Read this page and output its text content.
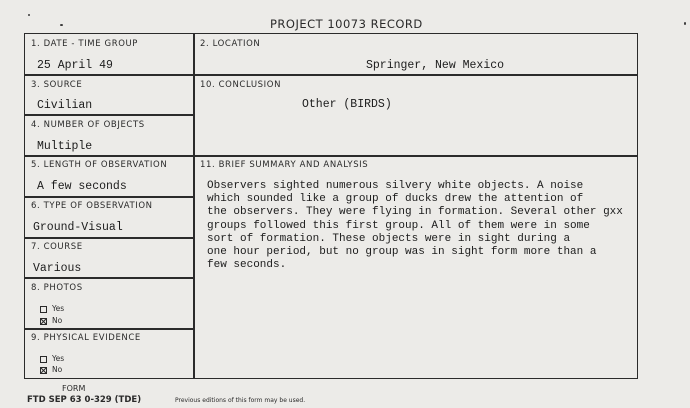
PROJECT 10073 RECORD
1. DATE - TIME GROUP
25 April 49
2. LOCATION
Springer, New Mexico
3. SOURCE
Civilian
10. CONCLUSION
Other (BIRDS)
4. NUMBER OF OBJECTS
Multiple
5. LENGTH OF OBSERVATION
A few seconds
11. BRIEF SUMMARY AND ANALYSIS
Observers sighted numerous silvery white objects. A noise
which sounded like a group of ducks drew the attention of
the observers. They were flying in formation. Several other gxx
groups followed this first group. All of them were in some
sort of formation. These objects were in sight during a
one hour period, but no group was in sight form more than a
few seconds.
6. TYPE OF OBSERVATION
Ground-Visual
7. COURSE
Various
8. PHOTOS
Yes
No
9. PHYSICAL EVIDENCE
Yes
No
FORM
FTD SEP 63 0-329 (TDE)	Previous editions of this form may be used.
